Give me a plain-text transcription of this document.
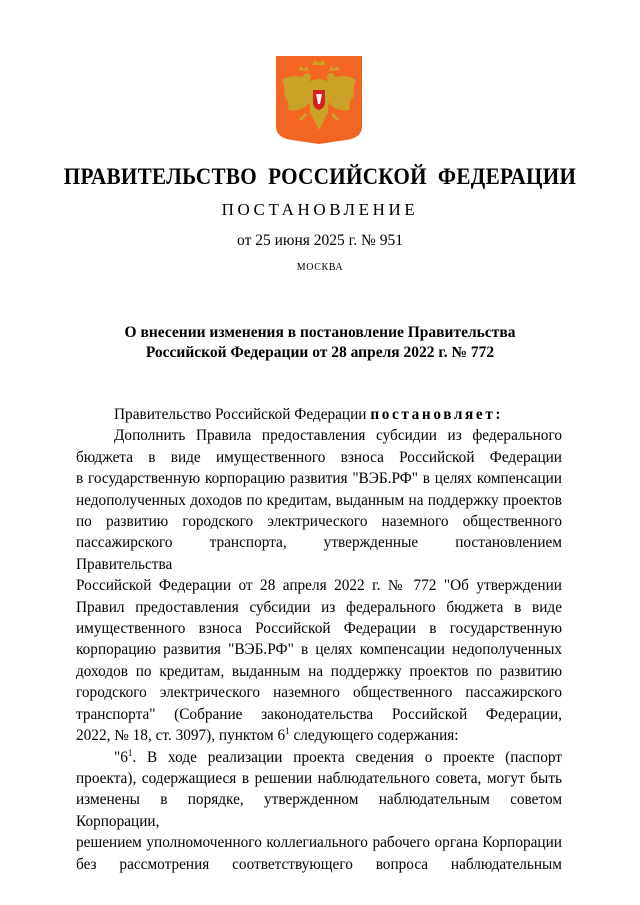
ПРАВИТЕЛЬСТВО РОССИЙСКОЙ ФЕДЕРАЦИИ
ПОСТАНОВЛЕНИЕ
от 25 июня 2025 г. № 951
МОСКВА
О внесении изменения в постановление Правительства
Российской Федерации от 28 апреля 2022 г. № 772

Правительство Российской Федерации постановляет:

Дополнить Правила предоставления субсидии из федерального

бюджета в виде имущественного взноса Российской Федерации

в государственную корпорацию развития "ВЭБ.РФ" в целях компенсации

недополученных доходов по кредитам, выданным на поддержку проектов

по развитию городского электрического наземного общественного

пассажирского транспорта, утвержденные постановлением Правительства

Российской Федерации от 28 апреля 2022 г. № 772 "Об утверждении

Правил предоставления субсидии из федерального бюджета в виде

имущественного взноса Российской Федерации в государственную

корпорацию развития "ВЭБ.РФ" в целях компенсации недополученных

доходов по кредитам, выданным на поддержку проектов по развитию

городского электрического наземного общественного пассажирского

транспорта" (Собрание законодательства Российской Федерации,

2022, № 18, ст. 3097), пунктом $6^1$ следующего содержания:

"$6^1$. В ходе реализации проекта сведения о проекте (паспорт

проекта), содержащиеся в решении наблюдательного совета, могут быть

изменены в порядке, утвержденном наблюдательным советом Корпорации,

решением уполномоченного коллегиального рабочего органа Корпорации

без рассмотрения соответствующего вопроса наблюдательным
